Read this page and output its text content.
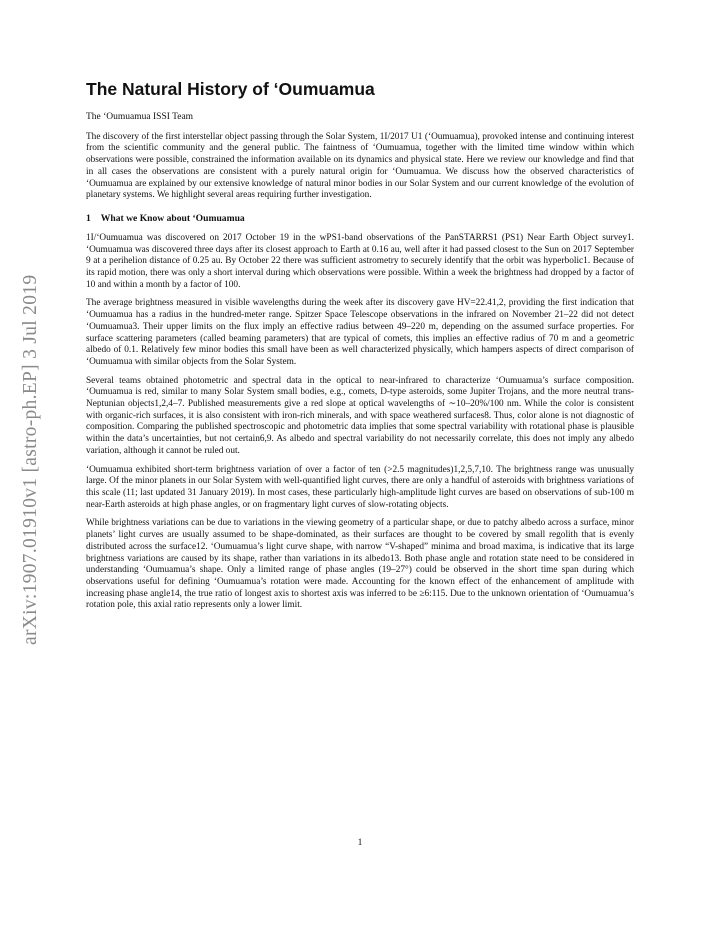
arXiv:1907.01910v1 [astro-ph.EP] 3 Jul 2019
The Natural History of ‘Oumuamua
The ‘Oumuamua ISSI Team

The discovery of the first interstellar object passing through the Solar System, 1I/2017 U1 (‘Oumuamua), provoked intense and continuing interest from the scientific community and the general public. The faintness of ‘Oumuamua, together with the limited time window within which observations were possible, constrained the information available on its dynamics and physical state. Here we review our knowledge and find that in all cases the observations are consistent with a purely natural origin for ‘Oumuamua. We discuss how the observed characteristics of ‘Oumuamua are explained by our extensive knowledge of natural minor bodies in our Solar System and our current knowledge of the evolution of planetary systems. We highlight several areas requiring further investigation.

1 What we Know about ‘Oumuamua

1I/‘Oumuamua was discovered on 2017 October 19 in the wPS1-band observations of the PanSTARRS1 (PS1) Near Earth Object survey1. ‘Oumuamua was discovered three days after its closest approach to Earth at 0.16 au, well after it had passed closest to the Sun on 2017 September 9 at a perihelion distance of 0.25 au. By October 22 there was sufficient astrometry to securely identify that the orbit was hyperbolic1. Because of its rapid motion, there was only a short interval during which observations were possible. Within a week the brightness had dropped by a factor of 10 and within a month by a factor of 100.

The average brightness measured in visible wavelengths during the week after its discovery gave HV=22.41,2, providing the first indication that ‘Oumuamua has a radius in the hundred-meter range. Spitzer Space Telescope observations in the infrared on November 21–22 did not detect ‘Oumuamua3. Their upper limits on the flux imply an effective radius between 49–220 m, depending on the assumed surface properties. For surface scattering parameters (called beaming parameters) that are typical of comets, this implies an effective radius of 70 m and a geometric albedo of 0.1. Relatively few minor bodies this small have been as well characterized physically, which hampers aspects of direct comparison of ‘Oumuamua with similar objects from the Solar System.

Several teams obtained photometric and spectral data in the optical to near-infrared to characterize ‘Oumuamua’s surface composition. ‘Oumuamua is red, similar to many Solar System small bodies, e.g., comets, D-type asteroids, some Jupiter Trojans, and the more neutral trans-Neptunian objects1,2,4–7. Published measurements give a red slope at optical wavelengths of ∼10–20%/100 nm. While the color is consistent with organic-rich surfaces, it is also consistent with iron-rich minerals, and with space weathered surfaces8. Thus, color alone is not diagnostic of composition. Comparing the published spectroscopic and photometric data implies that some spectral variability with rotational phase is plausible within the data’s uncertainties, but not certain6,9. As albedo and spectral variability do not necessarily correlate, this does not imply any albedo variation, although it cannot be ruled out.

‘Oumuamua exhibited short-term brightness variation of over a factor of ten (>2.5 magnitudes)1,2,5,7,10. The brightness range was unusually large. Of the minor planets in our Solar System with well-quantified light curves, there are only a handful of asteroids with brightness variations of this scale (11; last updated 31 January 2019). In most cases, these particularly high-amplitude light curves are based on observations of sub-100 m near-Earth asteroids at high phase angles, or on fragmentary light curves of slow-rotating objects.

While brightness variations can be due to variations in the viewing geometry of a particular shape, or due to patchy albedo across a surface, minor planets’ light curves are usually assumed to be shape-dominated, as their surfaces are thought to be covered by small regolith that is evenly distributed across the surface12. ‘Oumuamua’s light curve shape, with narrow “V-shaped” minima and broad maxima, is indicative that its large brightness variations are caused by its shape, rather than variations in its albedo13. Both phase angle and rotation state need to be considered in understanding ‘Oumuamua’s shape. Only a limited range of phase angles (19–27°) could be observed in the short time span during which observations useful for defining ‘Oumuamua’s rotation were made. Accounting for the known effect of the enhancement of amplitude with increasing phase angle14, the true ratio of longest axis to shortest axis was inferred to be ≥6:115. Due to the unknown orientation of ‘Oumuamua’s rotation pole, this axial ratio represents only a lower limit.

1
